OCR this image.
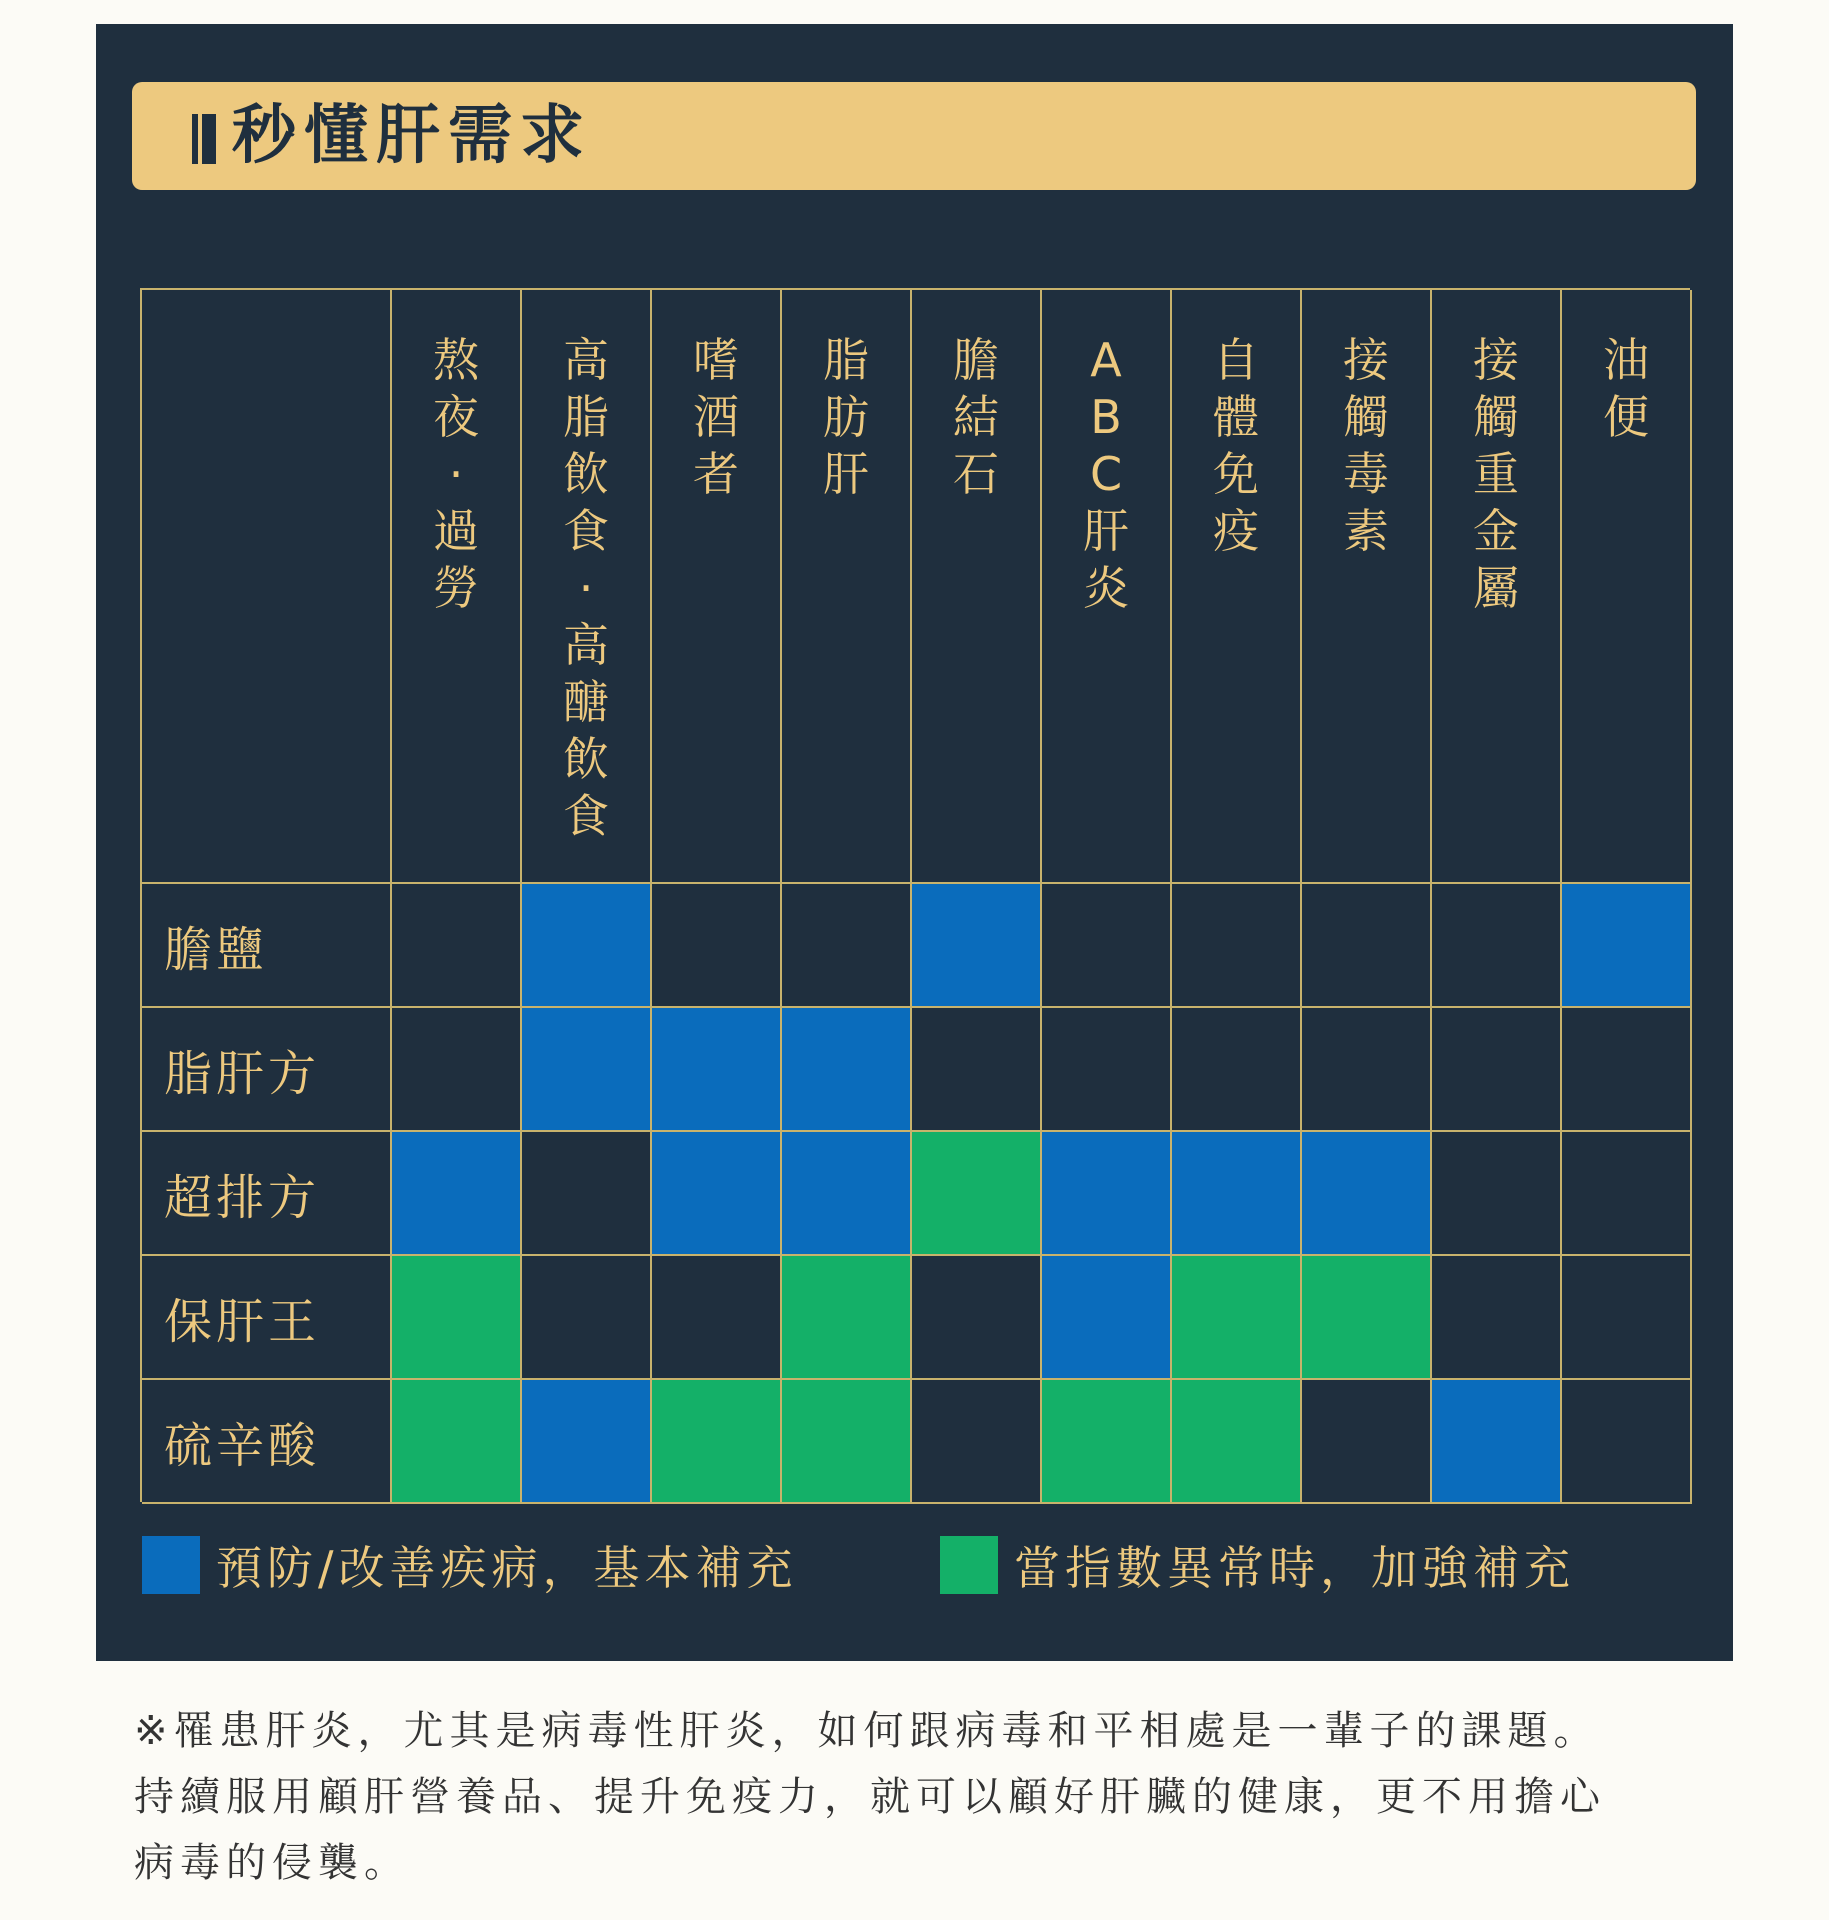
秒懂肝需求
熬
夜
·
過
勞
高
脂
飲
食
·
高
醣
飲
食
嗜
酒
者
脂
肪
肝
膽
結
石
A
B
C
肝
炎
自
體
免
疫
接
觸
毒
素
接
觸
重
金
屬
油
便
膽鹽
脂肝方
超排方
保肝王
硫辛酸
預防/改善疾病，基本補充	當指數異常時，加強補充
※罹患肝炎，尤其是病毒性肝炎，如何跟病毒和平相處是一輩子的課題。
持續服用顧肝營養品、提升免疫力，就可以顧好肝臟的健康，更不用擔心
病毒的侵襲。
